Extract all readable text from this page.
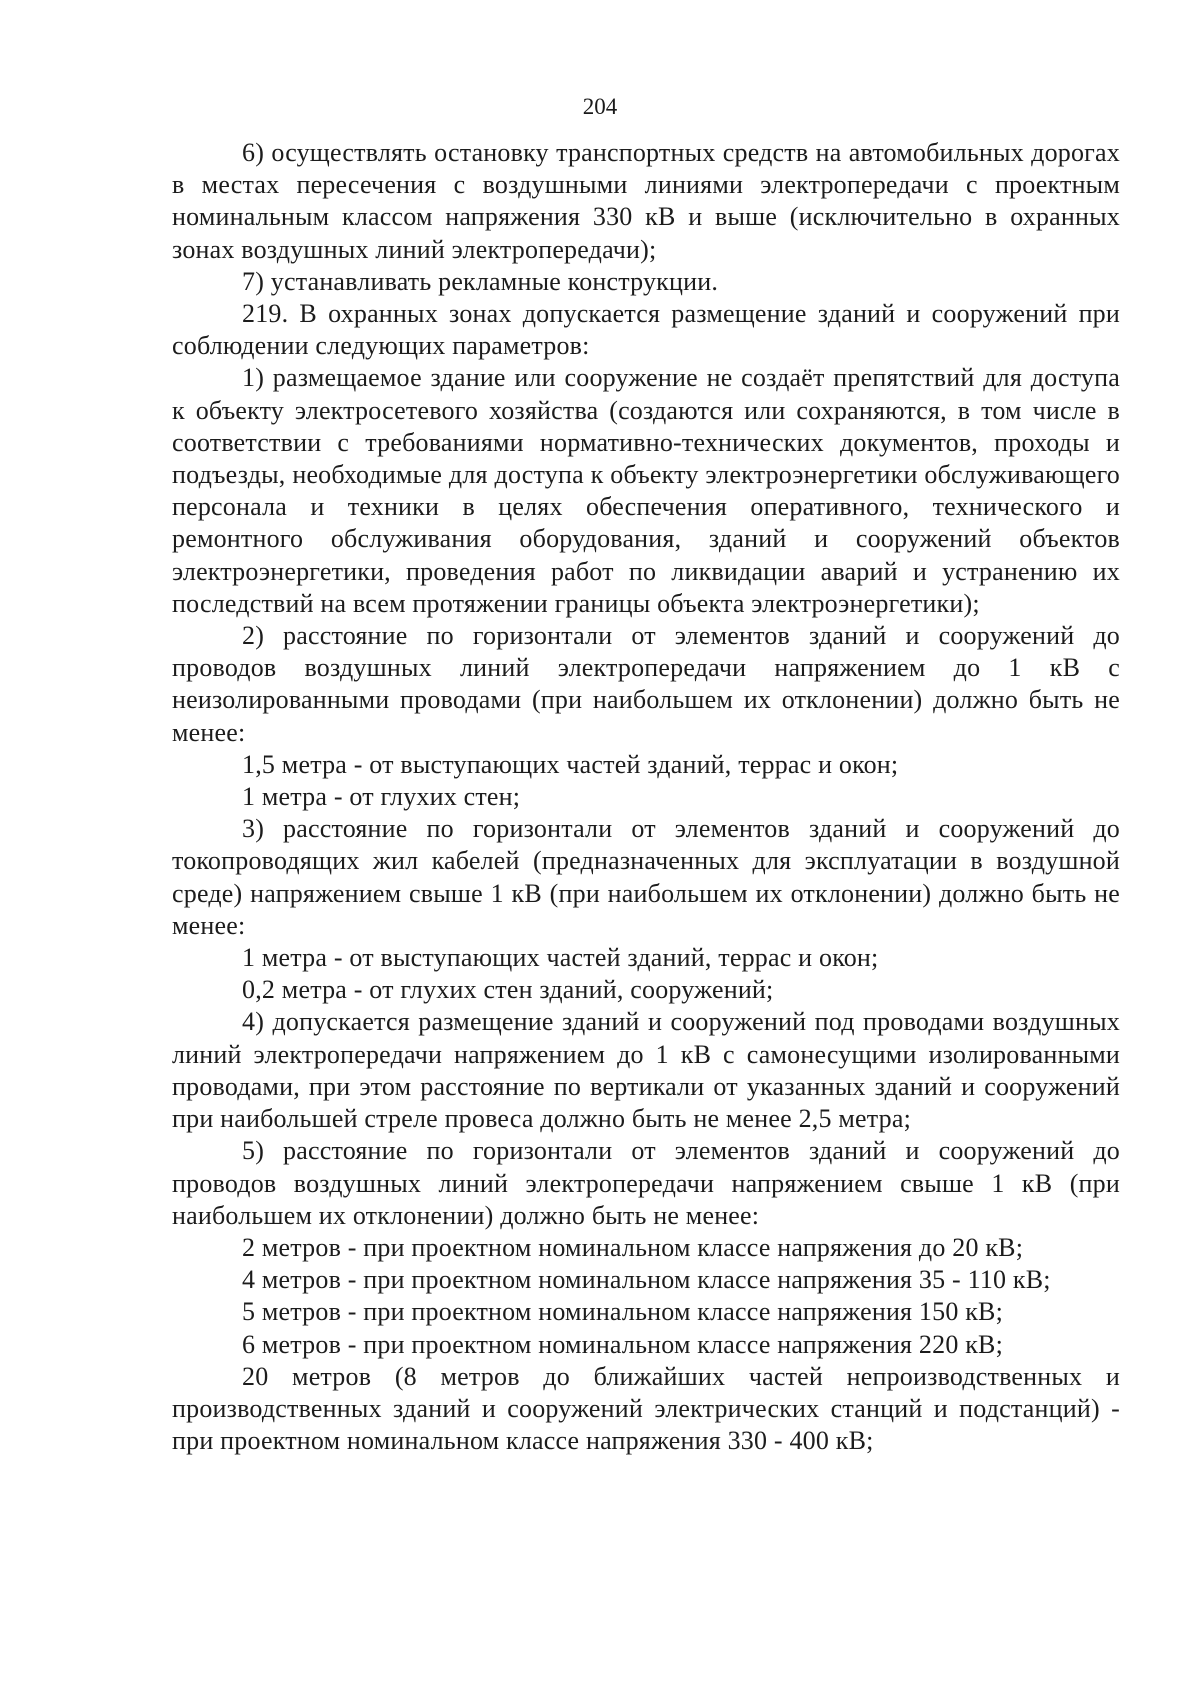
204

6) осуществлять остановку транспортных средств на автомобильных дорогах в местах пересечения с воздушными линиями электропередачи с проектным номинальным классом напряжения 330 кВ и выше (исключительно в охранных зонах воздушных линий электропередачи);

7) устанавливать рекламные конструкции.

219. В охранных зонах допускается размещение зданий и сооружений при соблюдении следующих параметров:

1) размещаемое здание или сооружение не создаёт препятствий для доступа к объекту электросетевого хозяйства (создаются или сохраняются, в том числе в соответствии с требованиями нормативно-технических документов, проходы и подъезды, необходимые для доступа к объекту электроэнергетики обслуживающего персонала и техники в целях обеспечения оперативного, технического и ремонтного обслуживания оборудования, зданий и сооружений объектов электроэнергетики, проведения работ по ликвидации аварий и устранению их последствий на всем протяжении границы объекта электроэнергетики);

2) расстояние по горизонтали от элементов зданий и сооружений до проводов воздушных линий электропередачи напряжением до 1 кВ с неизолированными проводами (при наибольшем их отклонении) должно быть не менее:

1,5 метра - от выступающих частей зданий, террас и окон;

1 метра - от глухих стен;

3) расстояние по горизонтали от элементов зданий и сооружений до токопроводящих жил кабелей (предназначенных для эксплуатации в воздушной среде) напряжением свыше 1 кВ (при наибольшем их отклонении) должно быть не менее:

1 метра - от выступающих частей зданий, террас и окон;

0,2 метра - от глухих стен зданий, сооружений;

4) допускается размещение зданий и сооружений под проводами воздушных линий электропередачи напряжением до 1 кВ с самонесущими изолированными проводами, при этом расстояние по вертикали от указанных зданий и сооружений при наибольшей стреле провеса должно быть не менее 2,5 метра;

5) расстояние по горизонтали от элементов зданий и сооружений до проводов воздушных линий электропередачи напряжением свыше 1 кВ (при наибольшем их отклонении) должно быть не менее:

2 метров - при проектном номинальном классе напряжения до 20 кВ;

4 метров - при проектном номинальном классе напряжения 35 - 110 кВ;

5 метров - при проектном номинальном классе напряжения 150 кВ;

6 метров - при проектном номинальном классе напряжения 220 кВ;

20 метров (8 метров до ближайших частей непроизводственных и производственных зданий и сооружений электрических станций и подстанций) - при проектном номинальном классе напряжения 330 - 400 кВ;
